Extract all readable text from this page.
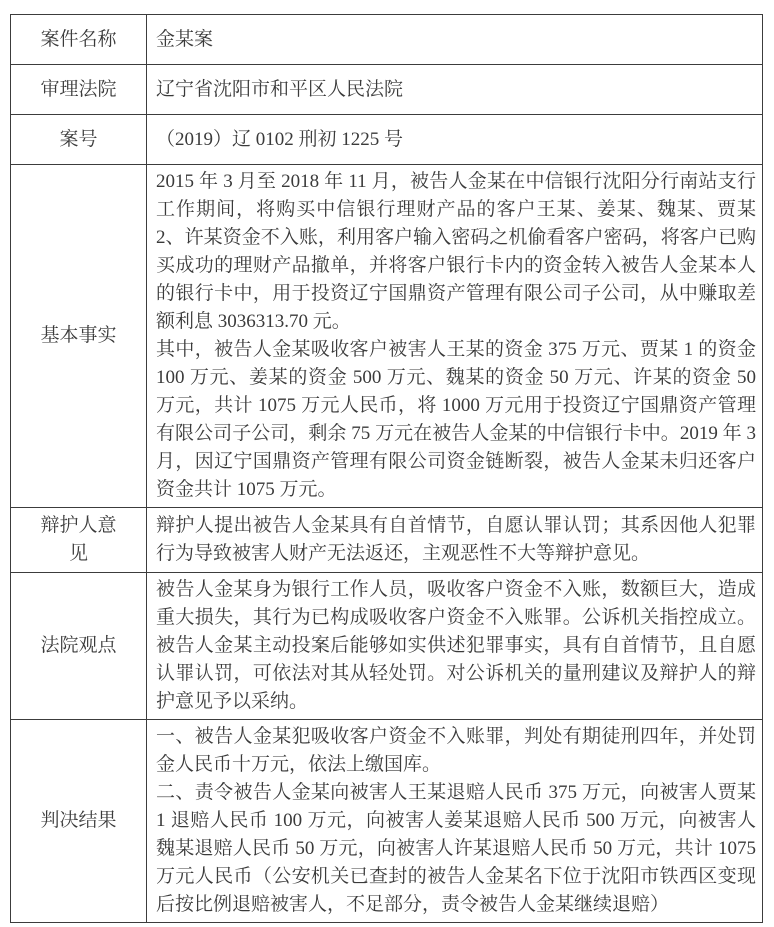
案件名称	金某案

审理法院	辽宁省沈阳市和平区人民法院

案号	（2019）辽 0102 刑初 1225 号

基本事实	2015 年 3 月至 2018 年 11 月，被告人金某在中信银行沈阳分行南站支行工作期间，将购买中信银行理财产品的客户王某、姜某、魏某、贾某 2、许某资金不入账，利用客户输入密码之机偷看客户密码，将客户已购买成功的理财产品撤单，并将客户银行卡内的资金转入被告人金某本人的银行卡中，用于投资辽宁国鼎资产管理有限公司子公司，从中赚取差额利息 3036313.70 元。

其中，被告人金某吸收客户被害人王某的资金 375 万元、贾某 1 的资金 100 万元、姜某的资金 500 万元、魏某的资金 50 万元、许某的资金 50 万元，共计 1075 万元人民币，将 1000 万元用于投资辽宁国鼎资产管理有限公司子公司，剩余 75 万元在被告人金某的中信银行卡中。2019 年 3 月，因辽宁国鼎资产管理有限公司资金链断裂，被告人金某未归还客户资金共计 1075 万元。

辩护人意见	辩护人提出被告人金某具有自首情节，自愿认罪认罚；其系因他人犯罪行为导致被害人财产无法返还，主观恶性不大等辩护意见。

法院观点	被告人金某身为银行工作人员，吸收客户资金不入账，数额巨大，造成重大损失，其行为已构成吸收客户资金不入账罪。公诉机关指控成立。被告人金某主动投案后能够如实供述犯罪事实，具有自首情节，且自愿认罪认罚，可依法对其从轻处罚。对公诉机关的量刑建议及辩护人的辩护意见予以采纳。

判决结果	一、被告人金某犯吸收客户资金不入账罪，判处有期徒刑四年，并处罚金人民币十万元，依法上缴国库。

二、责令被告人金某向被害人王某退赔人民币 375 万元，向被害人贾某 1 退赔人民币 100 万元，向被害人姜某退赔人民币 500 万元，向被害人魏某退赔人民币 50 万元，向被害人许某退赔人民币 50 万元，共计 1075 万元人民币（公安机关已查封的被告人金某名下位于沈阳市铁西区变现后按比例退赔被害人，不足部分，责令被告人金某继续退赔）
